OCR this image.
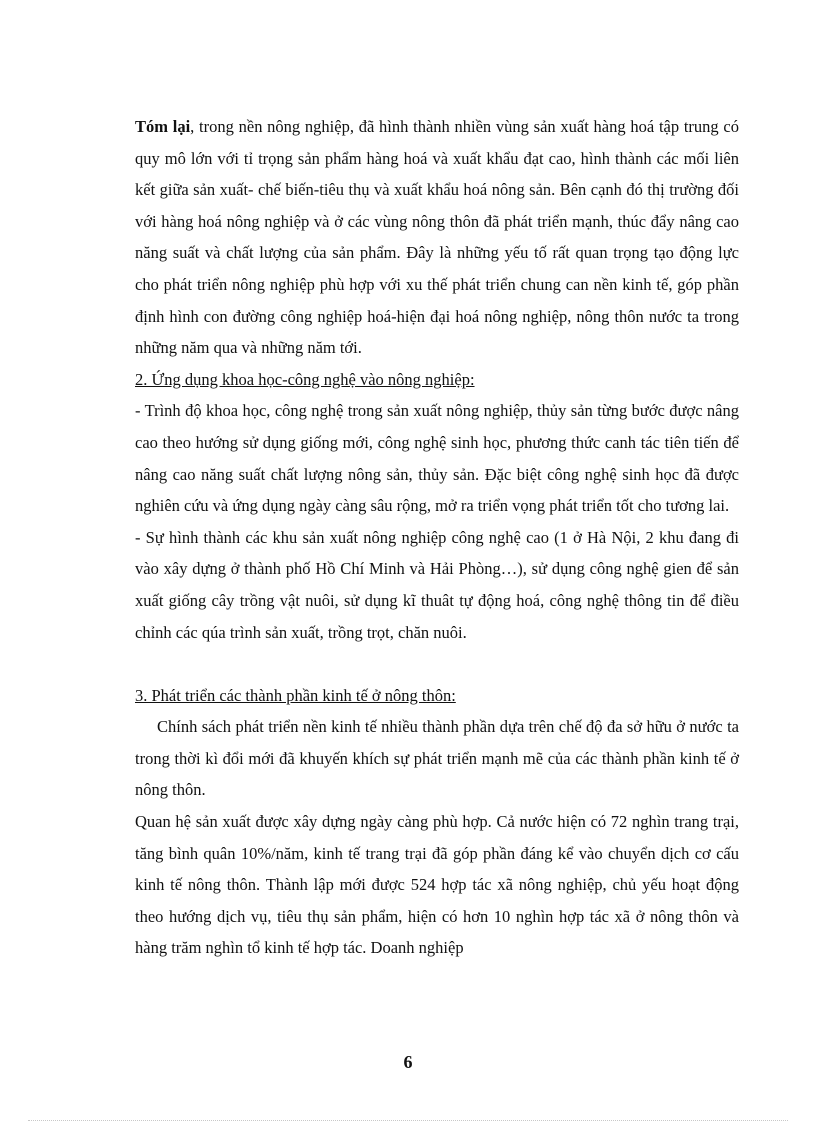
Tóm lại, trong nền nông nghiệp, đã hình thành nhiền vùng sản xuất hàng hoá tập trung có quy mô lớn với tỉ trọng sản phẩm hàng hoá và xuất khẩu đạt cao, hình thành các mối liên kết giữa sản xuất- chế biến-tiêu thụ và xuất khẩu hoá nông sản. Bên cạnh đó thị trường đối với hàng hoá nông nghiệp và ở các vùng nông thôn đã phát triển mạnh, thúc đẩy nâng cao năng suất và chất lượng của sản phẩm. Đây là những yếu tố rất quan trọng tạo động lực cho phát triển nông nghiệp phù hợp với xu thế phát triển chung can nền kinh tế, góp phần định hình con đường công nghiệp hoá-hiện đại hoá nông nghiệp, nông thôn nước ta trong những năm qua và những năm tới.

2. Ứng dụng khoa học-công nghệ vào nông nghiệp:

- Trình độ khoa học, công nghệ trong sản xuất nông nghiệp, thủy sản từng bước được nâng cao theo hướng sử dụng giống mới, công nghệ sinh học, phương thức canh tác tiên tiến để nâng cao năng suất chất lượng nông sản, thủy sản. Đặc biệt công nghệ sinh học đã được nghiên cứu và ứng dụng ngày càng sâu rộng, mở ra triển vọng phát triển tốt cho tương lai.

- Sự hình thành các khu sản xuất nông nghiệp công nghệ cao (1 ở Hà Nội, 2 khu đang đi vào xây dựng ở thành phố Hồ Chí Minh và Hải Phòng…), sử dụng công nghệ gien để sản xuất giống cây trồng vật nuôi, sử dụng kĩ thuât tự động hoá, công nghệ thông tin để điều chỉnh các qúa trình sản xuất, trồng trọt, chăn nuôi.

3. Phát triển các thành phần kinh tế ở nông thôn:

Chính sách phát triển nền kinh tế nhiều thành phần dựa trên chế độ đa sở hữu ở nước ta trong thời kì đổi mới đã khuyến khích sự phát triển mạnh mẽ của các thành phần kinh tế ở nông thôn.

Quan hệ sản xuất được xây dựng ngày càng phù hợp. Cả nước hiện có 72 nghìn trang trại, tăng bình quân 10%/năm, kinh tế trang trại đã góp phần đáng kể vào chuyển dịch cơ cấu kinh tế nông thôn. Thành lập mới được 524 hợp tác xã nông nghiệp, chủ yếu hoạt động theo hướng dịch vụ, tiêu thụ sản phẩm, hiện có hơn 10 nghìn hợp tác xã ở nông thôn và hàng trăm nghìn tổ kinh tế hợp tác. Doanh nghiệp

6
